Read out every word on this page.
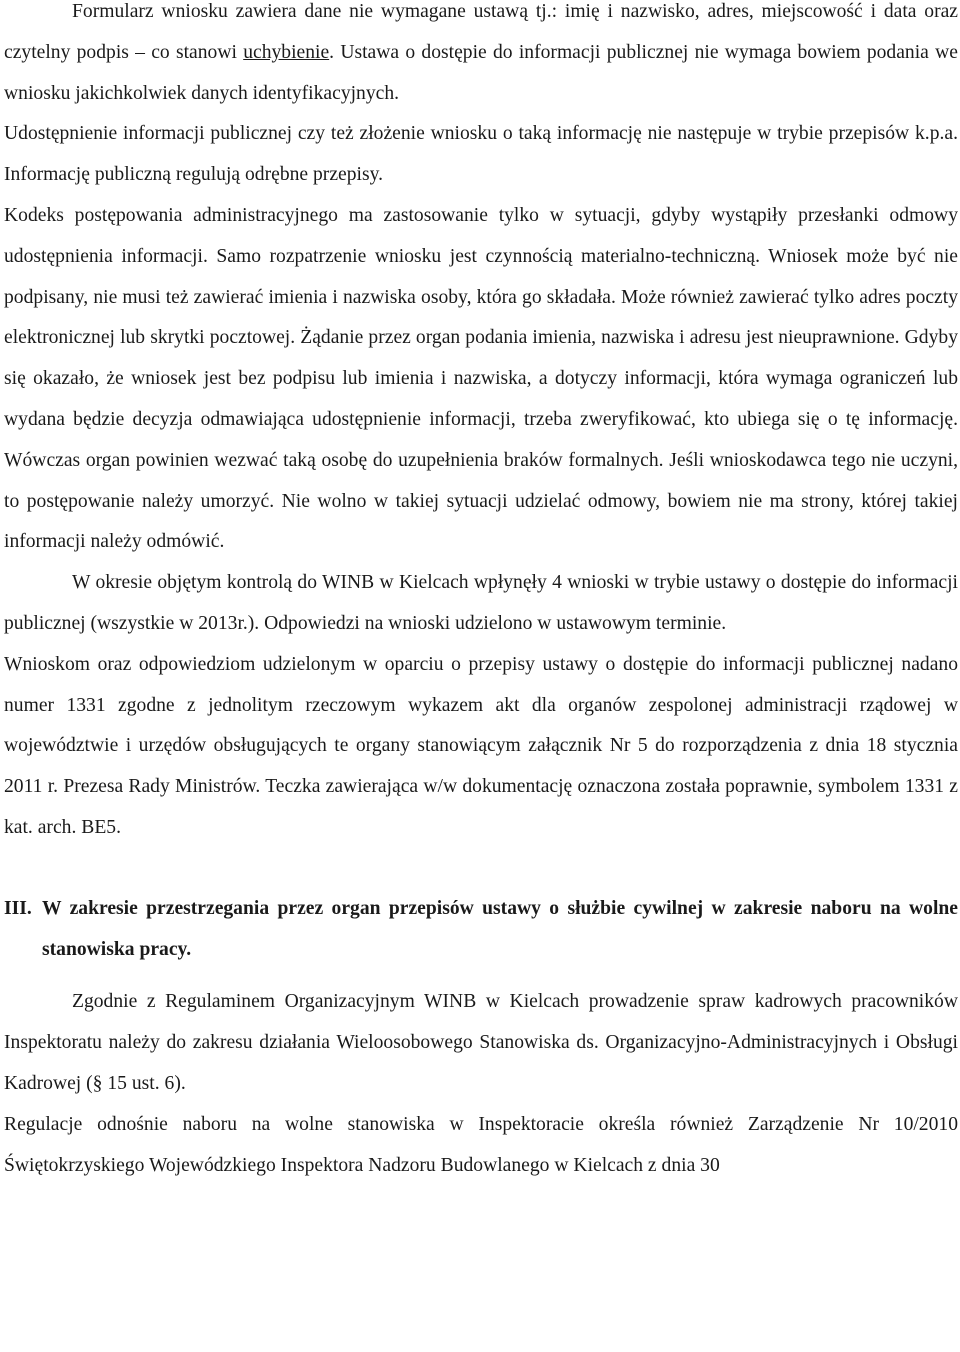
Formularz wniosku zawiera dane nie wymagane ustawą tj.: imię i nazwisko, adres, miejscowość i data oraz czytelny podpis – co stanowi uchybienie. Ustawa o dostępie do informacji publicznej nie wymaga bowiem podania we wniosku jakichkolwiek danych identyfikacyjnych.

Udostępnienie informacji publicznej czy też złożenie wniosku o taką informację nie następuje w trybie przepisów k.p.a. Informację publiczną regulują odrębne przepisy.

Kodeks postępowania administracyjnego ma zastosowanie tylko w sytuacji, gdyby wystąpiły przesłanki odmowy udostępnienia informacji. Samo rozpatrzenie wniosku jest czynnością materialno-techniczną. Wniosek może być nie podpisany, nie musi też zawierać imienia i nazwiska osoby, która go składała. Może również zawierać tylko adres poczty elektronicznej lub skrytki pocztowej. Żądanie przez organ podania imienia, nazwiska i adresu jest nieuprawnione. Gdyby się okazało, że wniosek jest bez podpisu lub imienia i nazwiska, a dotyczy informacji, która wymaga ograniczeń lub wydana będzie decyzja odmawiająca udostępnienie informacji, trzeba zweryfikować, kto ubiega się o tę informację. Wówczas organ powinien wezwać taką osobę do uzupełnienia braków formalnych. Jeśli wnioskodawca tego nie uczyni, to postępowanie należy umorzyć. Nie wolno w takiej sytuacji udzielać odmowy, bowiem nie ma strony, której takiej informacji należy odmówić.

W okresie objętym kontrolą do WINB w Kielcach wpłynęły 4 wnioski w trybie ustawy o dostępie do informacji publicznej (wszystkie w 2013r.). Odpowiedzi na wnioski udzielono w ustawowym terminie.

Wnioskom oraz odpowiedziom udzielonym w oparciu o przepisy ustawy o dostępie do informacji publicznej nadano numer 1331 zgodne z jednolitym rzeczowym wykazem akt dla organów zespolonej administracji rządowej w województwie i urzędów obsługujących te organy stanowiącym załącznik Nr 5 do rozporządzenia z dnia 18 stycznia 2011 r. Prezesa Rady Ministrów. Teczka zawierająca w/w dokumentację oznaczona została poprawnie, symbolem 1331 z kat. arch. BE5.

III. W zakresie przestrzegania przez organ przepisów ustawy o służbie cywilnej w zakresie naboru na wolne stanowiska pracy.

Zgodnie z Regulaminem Organizacyjnym WINB w Kielcach prowadzenie spraw kadrowych pracowników Inspektoratu należy do zakresu działania Wieloosobowego Stanowiska ds. Organizacyjno-Administracyjnych i Obsługi Kadrowej (§ 15 ust. 6).

Regulacje odnośnie naboru na wolne stanowiska w Inspektoracie określa również Zarządzenie Nr 10/2010 Świętokrzyskiego Wojewódzkiego Inspektora Nadzoru Budowlanego w Kielcach z dnia 30
